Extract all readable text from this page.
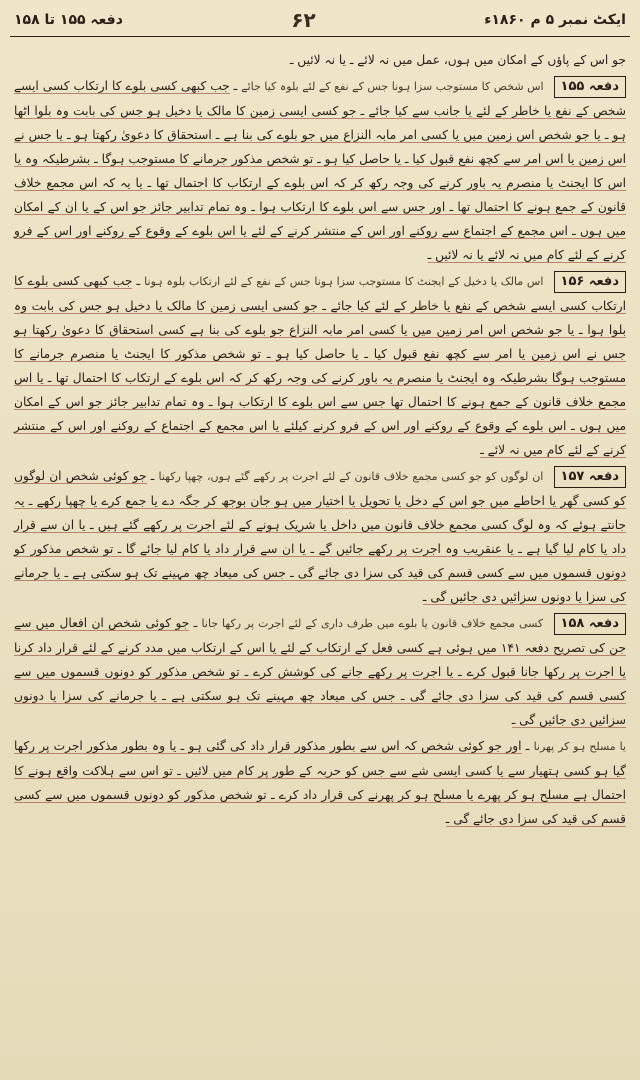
دفعہ ۱۵۵ تا ۱۵۸	۶۲	ایکٹ نمبر ۵ م ۱۸۶۰ء

جو اس کے پاؤں کے امکان میں ہوں، عمل میں نہ لائے ـ یا نہ لائیں ـ

دفعہ ۱۵۵ اس شخص کا مستوجب سزا ہونا جس کے نفع کے لئے بلوہ کیا جائے ـ جب کبھی کسی بلوے کا ارتکاب کسی ایسے شخص کے نفع یا خاطر کے لئے یا جانب سے کیا جائے ـ جو کسی ایسی زمین کا مالک یا دخیل ہو جس کی بابت وہ بلوا اٹھا ہو ـ یا جو شخص اس زمین میں یا کسی امر مابہ النزاع میں جو بلوے کی بنا ہے ـ استحقاق کا دعویٰ رکھتا ہو ـ یا جس نے اس زمین یا اس امر سے کچھ نفع قبول کیا ـ یا حاصل کیا ہو ـ تو شخص مذکور جرمانے کا مستوجب ہوگا ـ بشرطیکہ وہ یا اس کا ایجنٹ یا منصرم یہ باور کرنے کی وجہ رکھ کر کہ اس بلوے کے ارتکاب کا احتمال تھا ـ یا یہ کہ اس مجمع خلاف قانون کے جمع ہونے کا احتمال تھا ـ اور جس سے اس بلوے کا ارتکاب ہوا ـ وہ تمام تدابیر جائز جو اس کے یا ان کے امکان میں ہوں ـ اس مجمع کے اجتماع سے روکنے اور اس کے منتشر کرنے کے لئے یا اس بلوے کے وقوع کے روکنے اور اس کے فرو کرنے کے لئے کام میں نہ لائے یا نہ لائیں ـ

دفعہ ۱۵۶ اس مالک یا دخیل کے ایجنٹ کا مستوجب سزا ہونا جس کے نفع کے لئے ارتکاب بلوہ ہونا ـ جب کبھی کسی بلوے کا ارتکاب کسی ایسے شخص کے نفع یا خاطر کے لئے کیا جائے ـ جو کسی ایسی زمین کا مالک یا دخیل ہو جس کی بابت وہ بلوا ہوا ـ یا جو شخص اس امر زمین میں یا کسی امر مابہ النزاع جو بلوے کی بنا ہے کسی استحقاق کا دعویٰ رکھتا ہو جس نے اس زمین یا امر سے کچھ نفع قبول کیا ـ یا حاصل کیا ہو ـ تو شخص مذکور کا ایجنٹ یا منصرم جرمانے کا مستوجب ہوگا بشرطیکہ وہ ایجنٹ یا منصرم یہ باور کرنے کی وجہ رکھ کر کہ اس بلوے کے ارتکاب کا احتمال تھا ـ یا اس مجمع خلاف قانون کے جمع ہونے کا احتمال تھا جس سے اس بلوے کا ارتکاب ہوا ـ وہ تمام تدابیر جائز جو اس کے امکان میں ہوں ـ اس بلوے کے وقوع کے روکنے اور اس کے فرو کرنے کیلئے یا اس مجمع کے اجتماع کے روکنے اور اس کے منتشر کرنے کے لئے کام میں نہ لائے ـ

دفعہ ۱۵۷ ان لوگوں کو جو کسی مجمع خلاف قانون کے لئے اجرت پر رکھے گئے ہوں، چھپا رکھنا ـ جو کوئی شخص ان لوگوں کو کسی گھر یا احاطے میں جو اس کے دخل یا تحویل یا اختیار میں ہو جان بوجھ کر جگہ دے یا جمع کرے یا چھپا رکھے ـ یہ جانتے ہوئے کہ وہ لوگ کسی مجمع خلاف قانون میں داخل یا شریک ہونے کے لئے اجرت پر رکھے گئے ہیں ـ یا ان سے قرار داد یا کام لیا گیا ہے ـ یا عنقریب وہ اجرت پر رکھے جائیں گے ـ یا ان سے قرار داد یا کام لیا جائے گا ـ تو شخص مذکور کو دونوں قسموں میں سے کسی قسم کی قید کی سزا دی جائے گی ـ جس کی میعاد چھ مہینے تک ہو سکتی ہے ـ یا جرمانے کی سزا یا دونوں سزائیں دی جائیں گی ـ

دفعہ ۱۵۸ کسی مجمع خلاف قانون یا بلوے میں طرف داری کے لئے اجرت پر رکھا جانا ـ جو کوئی شخص ان افعال میں سے جن کی تصریح دفعہ ۱۴۱ میں ہوئی ہے کسی فعل کے ارتکاب کے لئے یا اس کے ارتکاب میں مدد کرنے کے لئے قرار داد کرنا یا اجرت پر رکھا جانا قبول کرے ـ یا اجرت پر رکھے جانے کی کوشش کرے ـ تو شخص مذکور کو دونوں قسموں میں سے کسی قسم کی قید کی سزا دی جائے گی ـ جس کی میعاد چھ مہینے تک ہو سکتی ہے ـ یا جرمانے کی سزا یا دونوں سزائیں دی جائیں گی ـ

یا مسلح ہو کر پھرنا ـ اور جو کوئی شخص کہ اس سے بطور مذکور قرار داد کی گئی ہو ـ یا وہ بطور مذکور اجرت پر رکھا گیا ہو کسی ہتھیار سے یا کسی ایسی شے سے جس کو حربہ کے طور پر کام میں لائیں ـ تو اس سے ہلاکت واقع ہونے کا احتمال ہے مسلح ہو کر پھرے یا مسلح ہو کر پھرنے کی قرار داد کرے ـ تو شخص مذکور کو دونوں قسموں میں سے کسی قسم کی قید کی سزا دی جائے گی ـ
